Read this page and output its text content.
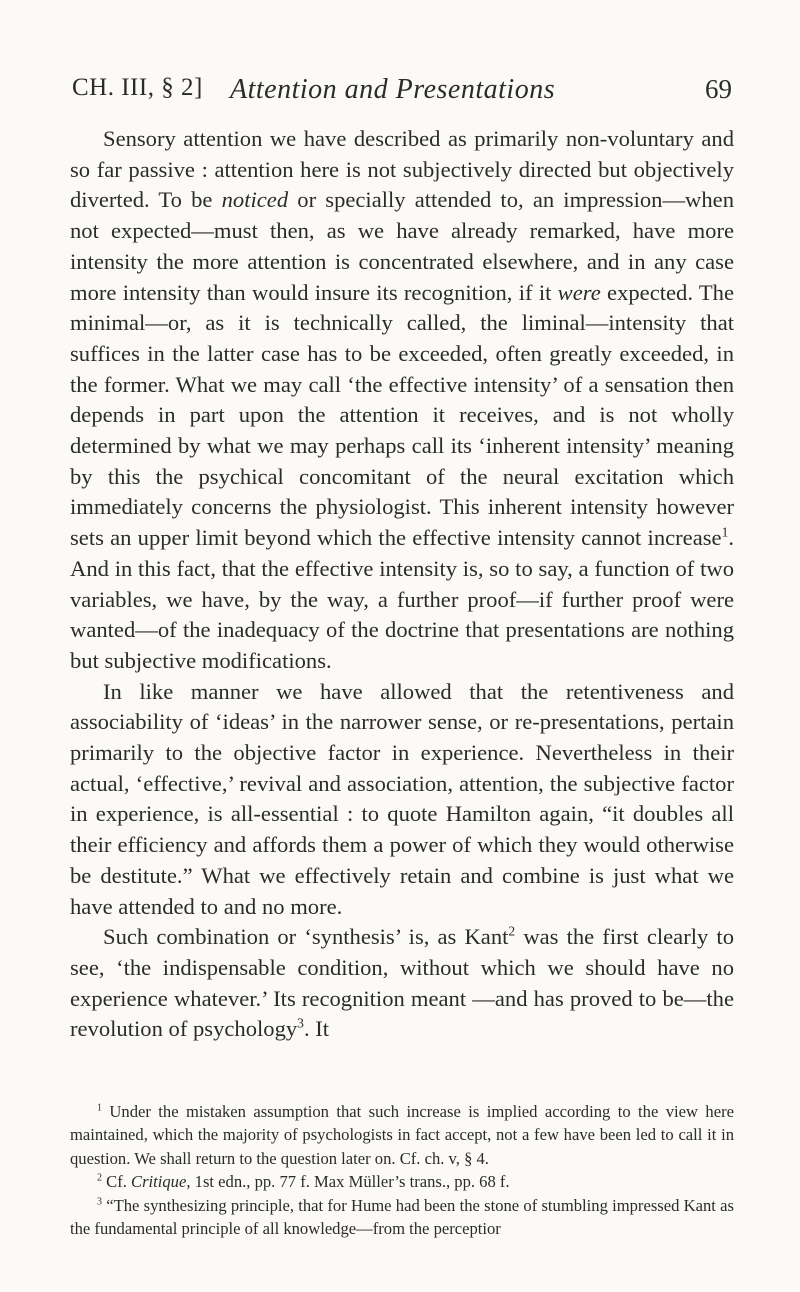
CH. III, § 2] Attention and Presentations	69

Sensory attention we have described as primarily non-voluntary and so far passive : attention here is not subjectively directed but objectively diverted. To be noticed or specially attended to, an impression—when not expected—must then, as we have already remarked, have more intensity the more attention is concentrated elsewhere, and in any case more intensity than would insure its recognition, if it were expected. The minimal—or, as it is technically called, the liminal—intensity that suffices in the latter case has to be exceeded, often greatly exceeded, in the former. What we may call ‘the effective intensity’ of a sensation then depends in part upon the attention it receives, and is not wholly determined by what we may perhaps call its ‘inherent intensity’ meaning by this the psychical concomitant of the neural excitation which immediately concerns the physiologist. This inherent intensity however sets an upper limit beyond which the effective intensity cannot increase$^1$. And in this fact, that the effective intensity is, so to say, a function of two variables, we have, by the way, a further proof—if further proof were wanted—of the inadequacy of the doctrine that presentations are nothing but subjective modifications.

In like manner we have allowed that the retentiveness and associability of ‘ideas’ in the narrower sense, or re-presentations, pertain primarily to the objective factor in experience. Nevertheless in their actual, ‘effective,’ revival and association, attention, the subjective factor in experience, is all-essential : to quote Hamilton again, “it doubles all their efficiency and affords them a power of which they would otherwise be destitute.” What we effectively retain and combine is just what we have attended to and no more.

Such combination or ‘synthesis’ is, as Kant$^2$ was the first clearly to see, ‘the indispensable condition, without which we should have no experience whatever.’ Its recognition meant —and has proved to be—the revolution of psychology$^3$. It

$^1$ Under the mistaken assumption that such increase is implied according to the view here maintained, which the majority of psychologists in fact accept, not a few have been led to call it in question. We shall return to the question later on. Cf. ch. v, § 4.

$^2$ Cf. Critique, 1st edn., pp. 77 f. Max Müller’s trans., pp. 68 f.

$^3$ “The synthesizing principle, that for Hume had been the stone of stumbling impressed Kant as the fundamental principle of all knowledge—from the perceptior
